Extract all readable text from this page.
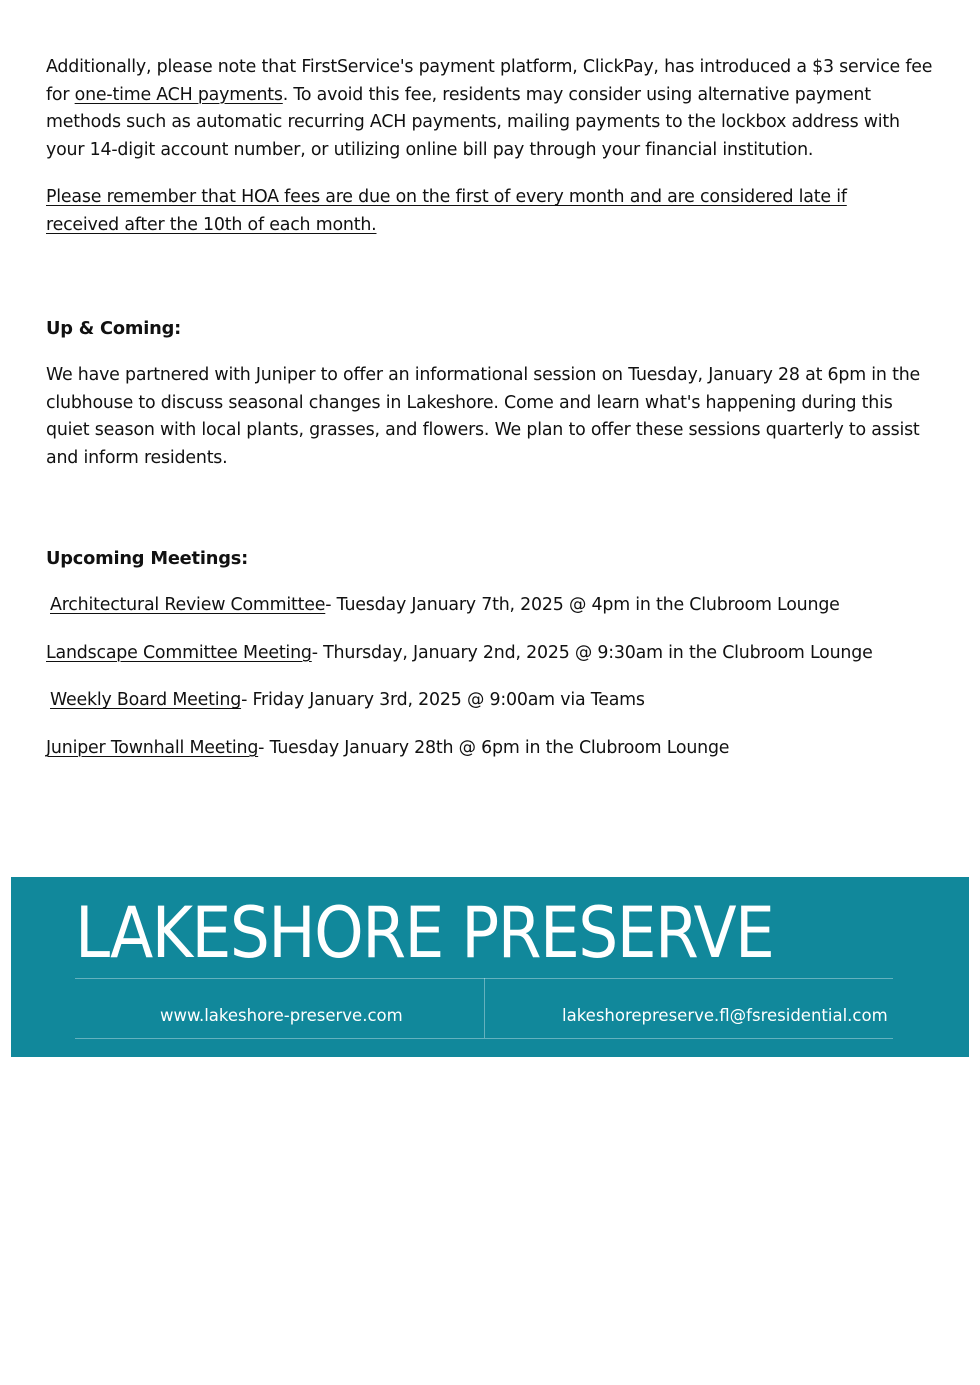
Additionally, please note that FirstService's payment platform, ClickPay, has introduced a $3 service fee for one-time ACH payments. To avoid this fee, residents may consider using alternative payment methods such as automatic recurring ACH payments, mailing payments to the lockbox address with your 14-digit account number, or utilizing online bill pay through your financial institution.

Please remember that HOA fees are due on the first of every month and are considered late if received after the 10th of each month.

Up & Coming:

We have partnered with Juniper to offer an informational session on Tuesday, January 28 at 6pm in the clubhouse to discuss seasonal changes in Lakeshore. Come and learn what's happening during this quiet season with local plants, grasses, and flowers. We plan to offer these sessions quarterly to assist and inform residents.

Upcoming Meetings:

Architectural Review Committee- Tuesday January 7th, 2025 @ 4pm in the Clubroom Lounge

Landscape Committee Meeting- Thursday, January 2nd, 2025 @ 9:30am in the Clubroom Lounge

Weekly Board Meeting- Friday January 3rd, 2025 @ 9:00am via Teams

Juniper Townhall Meeting- Tuesday January 28th @ 6pm in the Clubroom Lounge

LAKESHORE PRESERVE
www.lakeshore-preserve.com	lakeshorepreserve.fl@fsresidential.com
